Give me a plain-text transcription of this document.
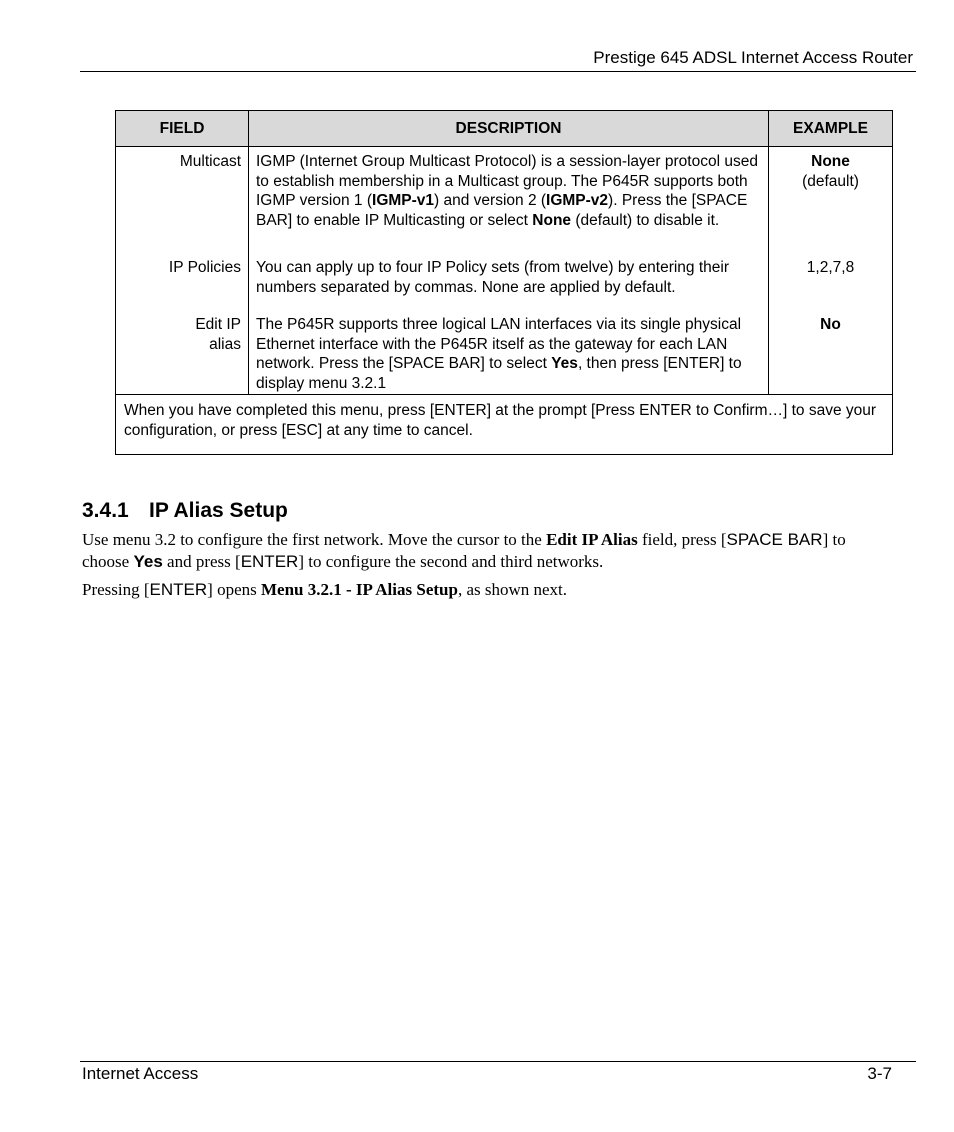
Prestige 645 ADSL Internet Access Router
FIELD	DESCRIPTION	EXAMPLE
Multicast	IGMP (Internet Group Multicast Protocol) is a session-layer protocol used to establish membership in a Multicast group. The P645R supports both IGMP version 1 (IGMP-v1) and version 2 (IGMP-v2). Press the [SPACE BAR] to enable IP Multicasting or select None (default) to disable it.	None
(default)
IP Policies	You can apply up to four IP Policy sets (from twelve) by entering their numbers separated by commas. None are applied by default.	1,2,7,8
Edit IP
alias	The P645R supports three logical LAN interfaces via its single physical Ethernet interface with the P645R itself as the gateway for each LAN network. Press the [SPACE BAR] to select Yes, then press [ENTER] to display menu 3.2.1	No
When you have completed this menu, press [ENTER] at the prompt [Press ENTER to Confirm…] to save your configuration, or press [ESC] at any time to cancel.		
3.4.1 IP Alias Setup

Use menu 3.2 to configure the first network. Move the cursor to the Edit IP Alias field, press [SPACE BAR] to choose Yes and press [ENTER] to configure the second and third networks.

Pressing [ENTER] opens Menu 3.2.1 - IP Alias Setup, as shown next.

Internet Access	3-7
